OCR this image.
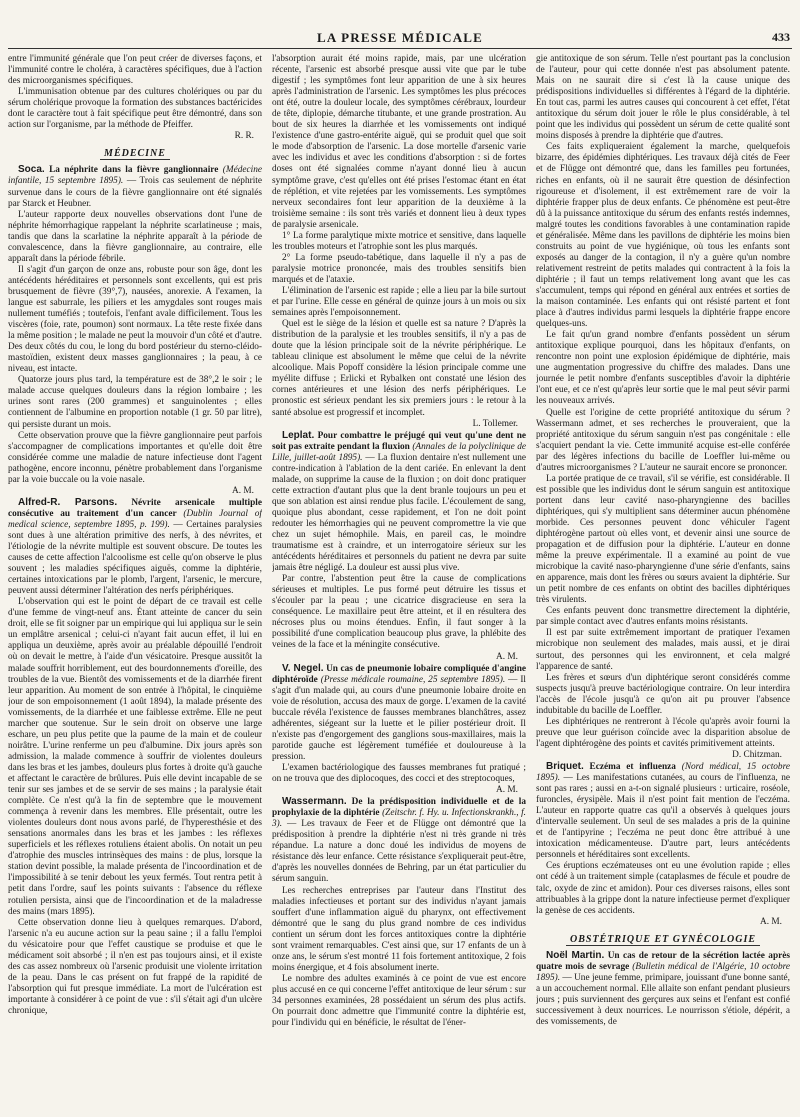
LA PRESSE MÉDICALE	433

entre l'immunité générale que l'on peut créer de diverses façons, et l'immunité contre le choléra, à caractères spécifiques, due à l'action des microorganismes spécifiques.

L'immunisation obtenue par des cultures cholériques ou par du sérum cholérique provoque la formation des substances bactéricides dont le caractère tout à fait spécifique peut être démontré, dans son action sur l'organisme, par la méthode de Pfeiffer.

R. R.
MÉDECINE

Soca. La néphrite dans la fièvre ganglionnaire (Médecine infantile, 15 septembre 1895). — Trois cas seulement de néphrite survenue dans le cours de la fièvre ganglionnaire ont été signalés par Starck et Heubner.

L'auteur rapporte deux nouvelles observations dont l'une de néphrite hémorrhagique rappelant la néphrite scarlatineuse ; mais, tandis que dans la scarlatine la néphrite apparaît à la période de convalescence, dans la fièvre ganglionnaire, au contraire, elle apparaît dans la période fébrile.

Il s'agit d'un garçon de onze ans, robuste pour son âge, dont les antécédents héréditaires et personnels sont excellents, qui est pris brusquement de fièvre (39°,7), nausées, anorexie. A l'examen, la langue est saburrale, les piliers et les amygdales sont rouges mais nullement tuméfiés ; toutefois, l'enfant avale difficilement. Tous les viscères (foie, rate, poumon) sont normaux. La tête reste fixée dans la même position ; le malade ne peut la mouvoir d'un côté et d'autre. Des deux côtés du cou, le long du bord postérieur du sterno-cléido-mastoïdien, existent deux masses ganglionnaires ; la peau, à ce niveau, est intacte.

Quatorze jours plus tard, la température est de 38°,2 le soir ; le malade accuse quelques douleurs dans la région lombaire ; les urines sont rares (200 grammes) et sanguinolentes ; elles contiennent de l'albumine en proportion notable (1 gr. 50 par litre), qui persiste durant un mois.

Cette observation prouve que la fièvre ganglionnaire peut parfois s'accompagner de complications importantes et qu'elle doit être considérée comme une maladie de nature infectieuse dont l'agent pathogène, encore inconnu, pénètre probablement dans l'organisme par la voie buccale ou la voie nasale.

A. M.

Alfred-R. Parsons. Névrite arsenicale multiple consécutive au traitement d'un cancer (Dublin Journal of medical science, septembre 1895, p. 199). — Certaines paralysies sont dues à une altération primitive des nerfs, à des névrites, et l'étiologie de la névrite multiple est souvent obscure. De toutes les causes de cette affection l'alcoolisme est celle qu'on observe le plus souvent ; les maladies spécifiques aiguës, comme la diphtérie, certaines intoxications par le plomb, l'argent, l'arsenic, le mercure, peuvent aussi déterminer l'altération des nerfs périphériques.

L'observation qui est le point de départ de ce travail est celle d'une femme de vingt-neuf ans. Étant atteinte de cancer du sein droit, elle se fit soigner par un empirique qui lui appliqua sur le sein un emplâtre arsenical ; celui-ci n'ayant fait aucun effet, il lui en appliqua un deuxième, après avoir au préalable dépouillé l'endroit où on devait le mettre, à l'aide d'un vésicatoire. Presque aussitôt la malade souffrit horriblement, eut des bourdonnements d'oreille, des troubles de la vue. Bientôt des vomissements et de la diarrhée firent leur apparition. Au moment de son entrée à l'hôpital, le cinquième jour de son empoisonnement (1 août 1894), la malade présente des vomissements, de la diarrhée et une faiblesse extrême. Elle ne peut marcher que soutenue. Sur le sein droit on observe une large eschare, un peu plus petite que la paume de la main et de couleur noirâtre. L'urine renferme un peu d'albumine. Dix jours après son admission, la malade commence à souffrir de violentes douleurs dans les bras et les jambes, douleurs plus fortes à droite qu'à gauche et affectant le caractère de brûlures. Puis elle devint incapable de se tenir sur ses jambes et de se servir de ses mains ; la paralysie était complète. Ce n'est qu'à la fin de septembre que le mouvement commença à revenir dans les membres. Elle présentait, outre les violentes douleurs dont nous avons parlé, de l'hyperesthésie et des sensations anormales dans les bras et les jambes : les réflexes superficiels et les réflexes rotuliens étaient abolis. On notait un peu d'atrophie des muscles intrinsèques des mains : de plus, lorsque la station devint possible, la malade présenta de l'incoordination et de l'impossibilité à se tenir debout les yeux fermés. Tout rentra petit à petit dans l'ordre, sauf les points suivants : l'absence du réflexe rotulien persista, ainsi que de l'incoordination et de la maladresse des mains (mars 1895).

Cette observation donne lieu à quelques remarques. D'abord, l'arsenic n'a eu aucune action sur la peau saine ; il a fallu l'emploi du vésicatoire pour que l'effet caustique se produise et que le médicament soit absorbé ; il n'en est pas toujours ainsi, et il existe des cas assez nombreux où l'arsenic produisit une violente irritation de la peau. Dans le cas présent on fut frappé de la rapidité de l'absorption qui fut presque immédiate. La mort de l'ulcération est importante à considérer à ce point de vue : s'il s'était agi d'un ulcère chronique,

l'absorption aurait été moins rapide, mais, par une ulcération récente, l'arsenic est absorbé presque aussi vite que par le tube digestif ; les symptômes font leur apparition de une à six heures après l'administration de l'arsenic. Les symptômes les plus précoces ont été, outre la douleur locale, des symptômes cérébraux, lourdeur de tête, diplopie, démarche titubante, et une grande prostration. Au bout de six heures la diarrhée et les vomissements ont indiqué l'existence d'une gastro-entérite aiguë, qui se produit quel que soit le mode d'absorption de l'arsenic. La dose mortelle d'arsenic varie avec les individus et avec les conditions d'absorption : si de fortes doses ont été signalées comme n'ayant donné lieu à aucun symptôme grave, c'est qu'elles ont été prises l'estomac étant en état de réplétion, et vite rejetées par les vomissements. Les symptômes nerveux secondaires font leur apparition de la deuxième à la troisième semaine : ils sont très variés et donnent lieu à deux types de paralysie arsenicale.

1° La forme paralytique mixte motrice et sensitive, dans laquelle les troubles moteurs et l'atrophie sont les plus marqués.

2° La forme pseudo-tabétique, dans laquelle il n'y a pas de paralysie motrice prononcée, mais des troubles sensitifs bien marqués et de l'ataxie.

L'élimination de l'arsenic est rapide ; elle a lieu par la bile surtout et par l'urine. Elle cesse en général de quinze jours à un mois ou six semaines après l'empoisonnement.

Quel est le siège de la lésion et quelle est sa nature ? D'après la distribution de la paralysie et les troubles sensitifs, il n'y a pas de doute que la lésion principale soit de la névrite périphérique. Le tableau clinique est absolument le même que celui de la névrite alcoolique. Mais Popoff considère la lésion principale comme une myélite diffuse ; Erlicki et Rybalken ont constaté une lésion des cornes antérieures et une lésion des nerfs périphériques. Le pronostic est sérieux pendant les six premiers jours : le retour à la santé absolue est progressif et incomplet.

L. Tollemer.

Leplat. Pour combattre le préjugé qui veut qu'une dent ne soit pas extraite pendant la fluxion (Annales de la polyclinique de Lille, juillet-août 1895). — La fluxion dentaire n'est nullement une contre-indication à l'ablation de la dent cariée. En enlevant la dent malade, on supprime la cause de la fluxion ; on doit donc pratiquer cette extraction d'autant plus que la dent branle toujours un peu et que son ablation est ainsi rendue plus facile. L'écoulement de sang, quoique plus abondant, cesse rapidement, et l'on ne doit point redouter les hémorrhagies qui ne peuvent compromettre la vie que chez un sujet hémophile. Mais, en pareil cas, le moindre traumatisme est à craindre, et un interrogatoire sérieux sur les antécédents héréditaires et personnels du patient ne devra par suite jamais être négligé. La douleur est aussi plus vive.

Par contre, l'abstention peut être la cause de complications sérieuses et multiples. Le pus formé peut détruire les tissus et s'écouler par la peau ; une cicatrice disgracieuse en sera la conséquence. Le maxillaire peut être atteint, et il en résultera des nécroses plus ou moins étendues. Enfin, il faut songer à la possibilité d'une complication beaucoup plus grave, la phlébite des veines de la face et la méningite consécutive.

A. M.

V. Negel. Un cas de pneumonie lobaire compliquée d'angine diphtéroïde (Presse médicale roumaine, 25 septembre 1895). — Il s'agit d'un malade qui, au cours d'une pneumonie lobaire droite en voie de résolution, accusa des maux de gorge. L'examen de la cavité buccale révéla l'existence de fausses membranes blanchâtres, assez adhérentes, siégeant sur la luette et le pilier postérieur droit. Il n'existe pas d'engorgement des ganglions sous-maxillaires, mais la parotide gauche est légèrement tuméfiée et douloureuse à la pression.

L'examen bactériologique des fausses membranes fut pratiqué ; on ne trouva que des diplocoques, des cocci et des streptocoques,

A. M.

Wassermann. De la prédisposition individuelle et de la prophylaxie de la diphtérie (Zeitschr. f. Hy. u. Infectionskrankh., f. 3). — Les travaux de Feer et de Flügge ont démontré que la prédisposition à prendre la diphtérie n'est ni très grande ni très répandue. La nature a donc doué les individus de moyens de résistance dès leur enfance. Cette résistance s'expliquerait peut-être, d'après les nouvelles données de Behring, par un état particulier du sérum sanguin.

Les recherches entreprises par l'auteur dans l'Institut des maladies infectieuses et portant sur des individus n'ayant jamais souffert d'une inflammation aiguë du pharynx, ont effectivement démontré que le sang du plus grand nombre de ces individus contient un sérum dont les forces antitoxiques contre la diphtérie sont vraiment remarquables. C'est ainsi que, sur 17 enfants de un à onze ans, le sérum s'est montré 11 fois fortement antitoxique, 2 fois moins énergique, et 4 fois absolument inerte.

Le nombre des adultes examinés à ce point de vue est encore plus accusé en ce qui concerne l'effet antitoxique de leur sérum : sur 34 personnes examinées, 28 possédaient un sérum des plus actifs. On pourrait donc admettre que l'immunité contre la diphtérie est, pour l'individu qui en bénéficie, le résultat de l'éner-

gie antitoxique de son sérum. Telle n'est pourtant pas la conclusion de l'auteur, pour qui cette donnée n'est pas absolument patente. Mais on ne saurait dire si c'est là la cause unique des prédispositions individuelles si différentes à l'égard de la diphtérie. En tout cas, parmi les autres causes qui concourent à cet effet, l'état antitoxique du sérum doit jouer le rôle le plus considérable, à tel point que les individus qui possèdent un sérum de cette qualité sont moins disposés à prendre la diphtérie que d'autres.

Ces faits expliqueraient également la marche, quelquefois bizarre, des épidémies diphtériques. Les travaux déjà cités de Feer et de Flügge ont démontré que, dans les familles peu fortunées, riches en enfants, où il ne saurait être question de désinfection rigoureuse et d'isolement, il est extrêmement rare de voir la diphtérie frapper plus de deux enfants. Ce phénomène est peut-être dû à la puissance antitoxique du sérum des enfants restés indemnes, malgré toutes les conditions favorables à une contamination rapide et généralisée. Même dans les pavillons de diphtérie les moins bien construits au point de vue hygiénique, où tous les enfants sont exposés au danger de la contagion, il n'y a guère qu'un nombre relativement restreint de petits malades qui contractent à la fois la diphtérie ; il faut un temps relativement long avant que les cas s'accumulent, temps qui répond en général aux entrées et sorties de la maison contaminée. Les enfants qui ont résisté partent et font place à d'autres individus parmi lesquels la diphtérie frappe encore quelques-uns.

Le fait qu'un grand nombre d'enfants possèdent un sérum antitoxique explique pourquoi, dans les hôpitaux d'enfants, on rencontre non point une explosion épidémique de diphtérie, mais une augmentation progressive du chiffre des malades. Dans une journée le petit nombre d'enfants susceptibles d'avoir la diphtérie l'ont eue, et ce n'est qu'après leur sortie que le mal peut sévir parmi les nouveaux arrivés.

Quelle est l'origine de cette propriété antitoxique du sérum ? Wassermann admet, et ses recherches le prouveraient, que la propriété antitoxique du sérum sanguin n'est pas congénitale : elle s'acquiert pendant la vie. Cette immunité acquise est-elle conférée par des légères infections du bacille de Loeffler lui-même ou d'autres microorganismes ? L'auteur ne saurait encore se prononcer.

La portée pratique de ce travail, s'il se vérifie, est considérable. Il est possible que les individus dont le sérum sanguin est antitoxique portent dans leur cavité naso-pharyngienne des bacilles diphtériques, qui s'y multiplient sans déterminer aucun phénomène morbide. Ces personnes peuvent donc véhiculer l'agent diphtérogène partout où elles vont, et devenir ainsi une source de propagation et de diffusion pour la diphtérie. L'auteur en donne même la preuve expérimentale. Il a examiné au point de vue microbique la cavité naso-pharyngienne d'une série d'enfants, sains en apparence, mais dont les frères ou sœurs avaient la diphtérie. Sur un petit nombre de ces enfants on obtint des bacilles diphtériques très virulents.

Ces enfants peuvent donc transmettre directement la diphtérie, par simple contact avec d'autres enfants moins résistants.

Il est par suite extrêmement important de pratiquer l'examen microbique non seulement des malades, mais aussi, et je dirai surtout, des personnes qui les environnent, et cela malgré l'apparence de santé.

Les frères et sœurs d'un diphtérique seront considérés comme suspects jusqu'à preuve bactériologique contraire. On leur interdira l'accès de l'école jusqu'à ce qu'on ait pu prouver l'absence indubitable du bacille de Loeffler.

Les diphtériques ne rentreront à l'école qu'après avoir fourni la preuve que leur guérison coïncide avec la disparition absolue de l'agent diphtérogène des points et cavités primitivement atteints.

D. Chitzman.

Briquet. Eczéma et influenza (Nord médical, 15 octobre 1895). — Les manifestations cutanées, au cours de l'influenza, ne sont pas rares ; aussi en a-t-on signalé plusieurs : urticaire, roséole, furoncles, érysipèle. Mais il n'est point fait mention de l'eczéma. L'auteur en rapporte quatre cas qu'il a observés à quelques jours d'intervalle seulement. Un seul de ses malades a pris de la quinine et de l'antipyrine ; l'eczéma ne peut donc être attribué à une intoxication médicamenteuse. D'autre part, leurs antécédents personnels et héréditaires sont excellents.

Ces éruptions eczémateuses ont eu une évolution rapide ; elles ont cédé à un traitement simple (cataplasmes de fécule et poudre de talc, oxyde de zinc et amidon). Pour ces diverses raisons, elles sont attribuables à la grippe dont la nature infectieuse permet d'expliquer la genèse de ces accidents.

A. M.
OBSTÉTRIQUE ET GYNÉCOLOGIE

Noël Martin. Un cas de retour de la sécrétion lactée après quatre mois de sevrage (Bulletin médical de l'Algérie, 10 octobre 1895). — Une jeune femme, primipare, jouissant d'une bonne santé, a un accouchement normal. Elle allaite son enfant pendant plusieurs jours ; puis surviennent des gerçures aux seins et l'enfant est confié successivement à deux nourrices. Le nourrisson s'étiole, dépérit, a des vomissements, de
